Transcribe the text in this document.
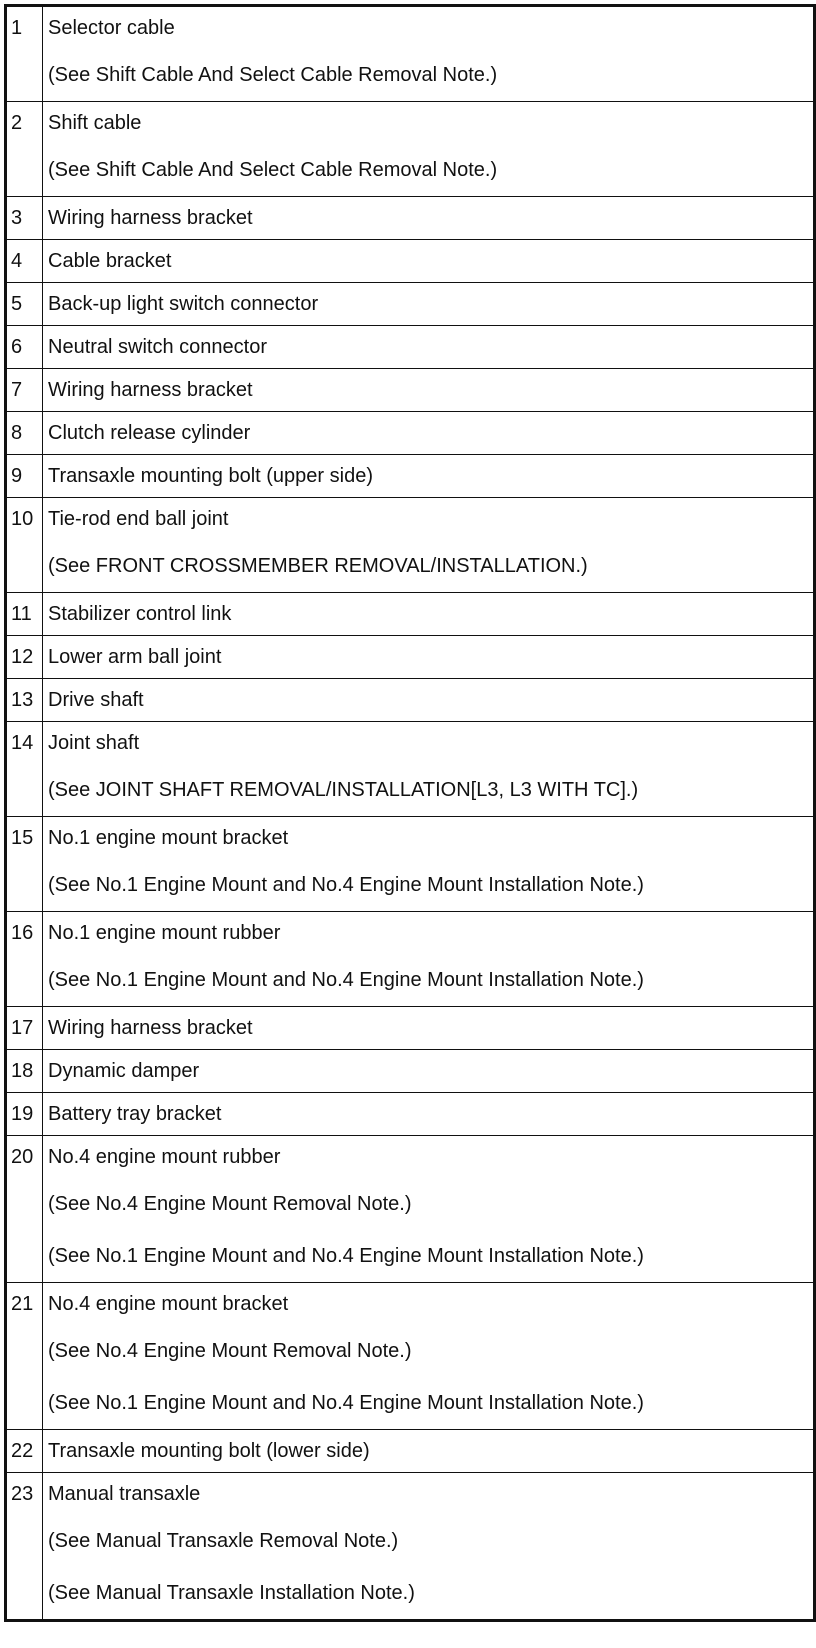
1	Selector cable
(See Shift Cable And Select Cable Removal Note.)

2	Shift cable
(See Shift Cable And Select Cable Removal Note.)

3	Wiring harness bracket

4	Cable bracket

5	Back-up light switch connector

6	Neutral switch connector

7	Wiring harness bracket

8	Clutch release cylinder

9	Transaxle mounting bolt (upper side)

10	Tie-rod end ball joint
(See FRONT CROSSMEMBER REMOVAL/INSTALLATION.)

11	Stabilizer control link

12	Lower arm ball joint

13	Drive shaft

14	Joint shaft
(See JOINT SHAFT REMOVAL/INSTALLATION[L3, L3 WITH TC].)

15	No.1 engine mount bracket
(See No.1 Engine Mount and No.4 Engine Mount Installation Note.)

16	No.1 engine mount rubber
(See No.1 Engine Mount and No.4 Engine Mount Installation Note.)

17	Wiring harness bracket

18	Dynamic damper

19	Battery tray bracket

20	No.4 engine mount rubber
(See No.4 Engine Mount Removal Note.)
(See No.1 Engine Mount and No.4 Engine Mount Installation Note.)

21	No.4 engine mount bracket
(See No.4 Engine Mount Removal Note.)
(See No.1 Engine Mount and No.4 Engine Mount Installation Note.)

22	Transaxle mounting bolt (lower side)

23	Manual transaxle
(See Manual Transaxle Removal Note.)
(See Manual Transaxle Installation Note.)
